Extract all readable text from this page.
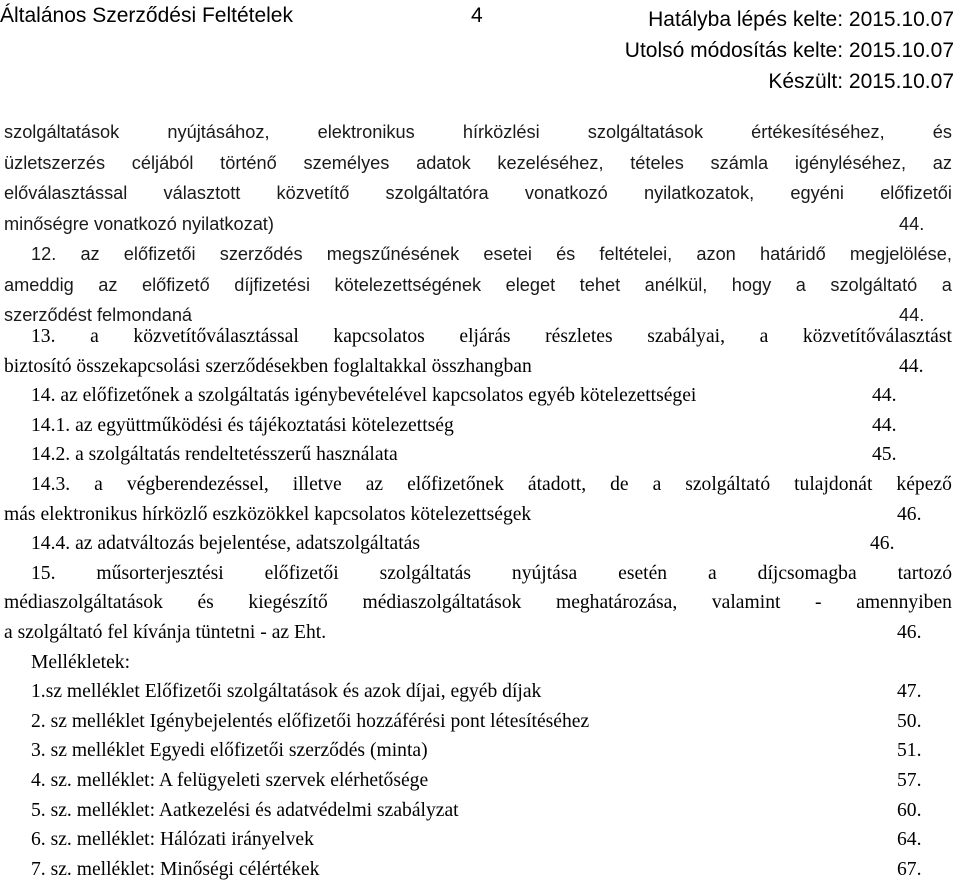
Általános Szerződési Feltételek	4	Hatályba lépés kelte: 2015.10.07
Utolsó módosítás kelte: 2015.10.07
Készült: 2015.10.07
szolgáltatások	nyújtásához,	elektronikus	hírközlési	szolgáltatások	értékesítéséhez,	és
üzletszerzés céljából történő személyes adatok kezeléséhez, tételes számla igényléséhez, az
előválasztással választott közvetítő szolgáltatóra vonatkozó nyilatkozatok, egyéni előfizetői
minőségre vonatkozó nyilatkozat)	44.
12. az előfizetői szerződés megszűnésének esetei és feltételei, azon határidő megjelölése,
ameddig az előfizető díjfizetési kötelezettségének eleget tehet anélkül, hogy a szolgáltató a
szerződést felmondaná	44.
13. a közvetítőválasztással kapcsolatos eljárás részletes szabályai, a közvetítőválasztást
biztosító összekapcsolási szerződésekben foglaltakkal összhangban	44.
14. az előfizetőnek a szolgáltatás igénybevételével kapcsolatos egyéb kötelezettségei	44.
14.1. az együttműködési és tájékoztatási kötelezettség	44.
14.2. a szolgáltatás rendeltetésszerű használata	45.
14.3. a végberendezéssel, illetve az előfizetőnek átadott, de a szolgáltató tulajdonát képező
más elektronikus hírközlő eszközökkel kapcsolatos kötelezettségek	46.
14.4. az adatváltozás bejelentése, adatszolgáltatás	46.
15. műsorterjesztési előfizetői szolgáltatás nyújtása esetén a díjcsomagba tartozó
médiaszolgáltatások és kiegészítő médiaszolgáltatások meghatározása, valamint - amennyiben
a szolgáltató fel kívánja tüntetni - az Eht.	46.
Mellékletek:
1.sz melléklet Előfizetői szolgáltatások és azok díjai, egyéb díjak	47.
2. sz melléklet Igénybejelentés előfizetői hozzáférési pont létesítéséhez	50.
3. sz melléklet Egyedi előfizetői szerződés (minta)	51.
4. sz. melléklet: A felügyeleti szervek elérhetősége	57.
5. sz. melléklet: Aatkezelési és adatvédelmi szabályzat	60.
6. sz. melléklet: Hálózati irányelvek	64.
7. sz. melléklet: Minőségi célértékek	67.
